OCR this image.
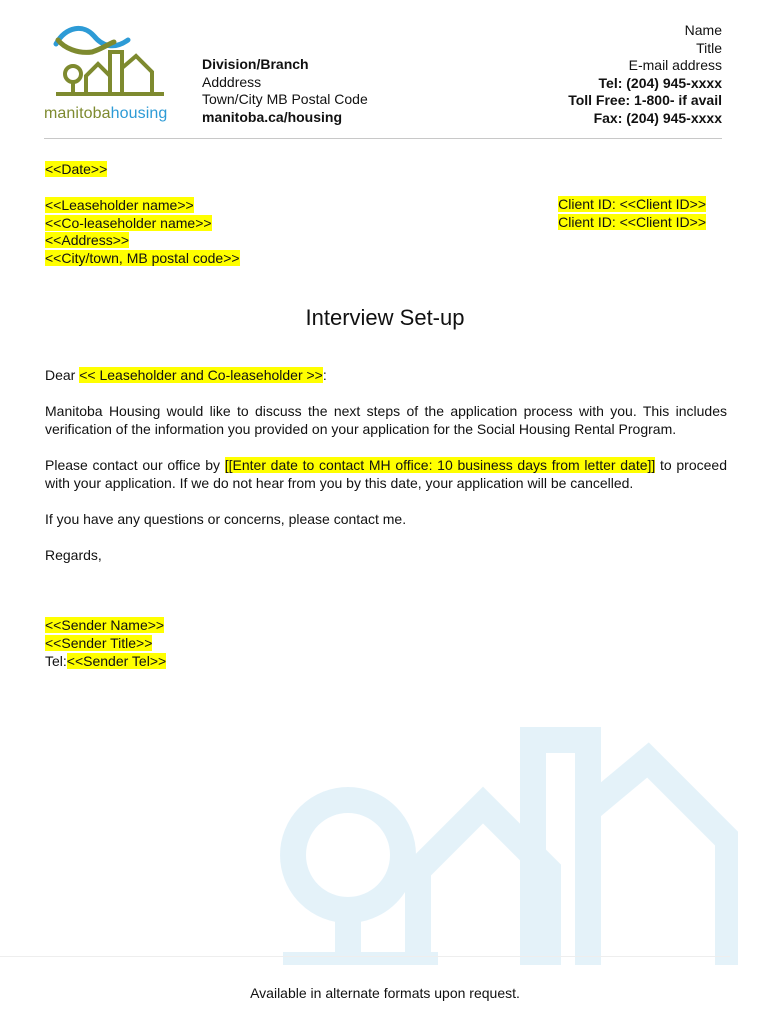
manitobahousing
Division/Branch
Adddress
Town/City MB Postal Code
manitoba.ca/housing
Name
Title
E-mail address
Tel: (204) 945-xxxx
Toll Free: 1-800- if avail
Fax: (204) 945-xxxx
<<Date>>
<<Leaseholder name>>
<<Co-leaseholder name>>
<<Address>>
<<City/town, MB postal code>>
Client ID: <<Client ID>>
Client ID: <<Client ID>>
Interview Set-up

Dear << Leaseholder and Co-leaseholder >>:

Manitoba Housing would like to discuss the next steps of the application process with you. This includes verification of the information you provided on your application for the Social Housing Rental Program.

Please contact our office by [[Enter date to contact MH office: 10 business days from letter date]] to proceed with your application. If we do not hear from you by this date, your application will be cancelled.

If you have any questions or concerns, please contact me.

Regards,

<<Sender Name>>
<<Sender Title>>
Tel:<<Sender Tel>>
Available in alternate formats upon request.
